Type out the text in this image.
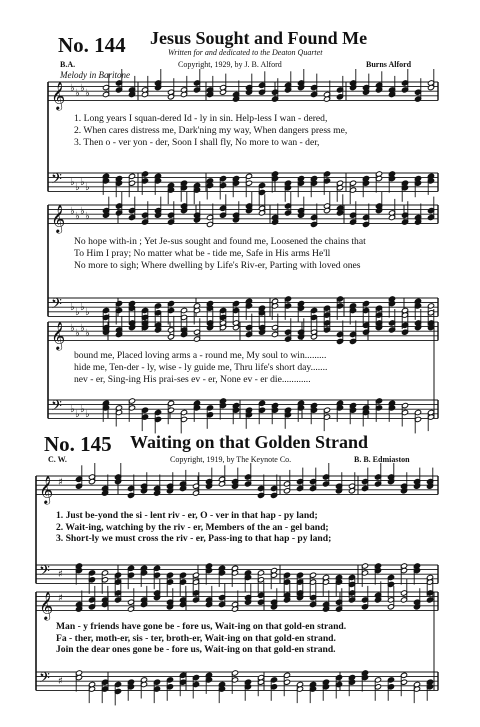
No. 144 Jesus Sought and Found Me
Written for and dedicated to the Deaton Quartet
B.A.	Copyright, 1929, by J. B. Alford	Burns Alford
Melody in Baritone
1. Long years I squan-dered Id - ly in sin. Help-less I wan - dered,
2. When cares distress me, Dark'ning my way, When dangers press me,
3. Then o - ver yon - der, Soon I shall fly, No more to wan - der,
No hope with-in ; Yet Je-sus sought and found me, Loosened the chains that
To Him I pray; No matter what be - tide me, Safe in His arms He'll
No more to sigh; Where dwelling by Life's Riv-er, Parting with loved ones
bound me, Placed loving arms a - round me, My soul to win.........
hide me, Ten-der - ly, wise - ly guide me, Thru life's short day.......
nev - er, Sing-ing His prai-ses ev - er, None ev - er die............
No. 145 Waiting on that Golden Strand
C. W.	Copyright, 1919, by The Keynote Co.	B. B. Edmiaston
1. Just be-yond the si - lent riv - er, O - ver in that hap - py land;
2. Wait-ing, watching by the riv - er, Members of the an - gel band;
3. Short-ly we must cross the riv - er, Pass-ing to that hap - py land;
Man - y friends have gone be - fore us, Wait-ing on that gold-en strand.
Fa - ther, moth-er, sis - ter, broth-er, Wait-ing on that gold-en strand.
Join the dear ones gone be - fore us, Wait-ing on that gold-en strand.
𝄞
𝄢
♭
♭
♭
♭
♭
♭
♭
♭
𝄞
𝄢
♭
♭
♭
♭
♭
♭
♭
♭
𝄞
𝄢
♭
♭
♭
♭
♭
♭
♭
♭
𝄞
𝄢
♯
♯
𝄞
𝄢
♯
♯
